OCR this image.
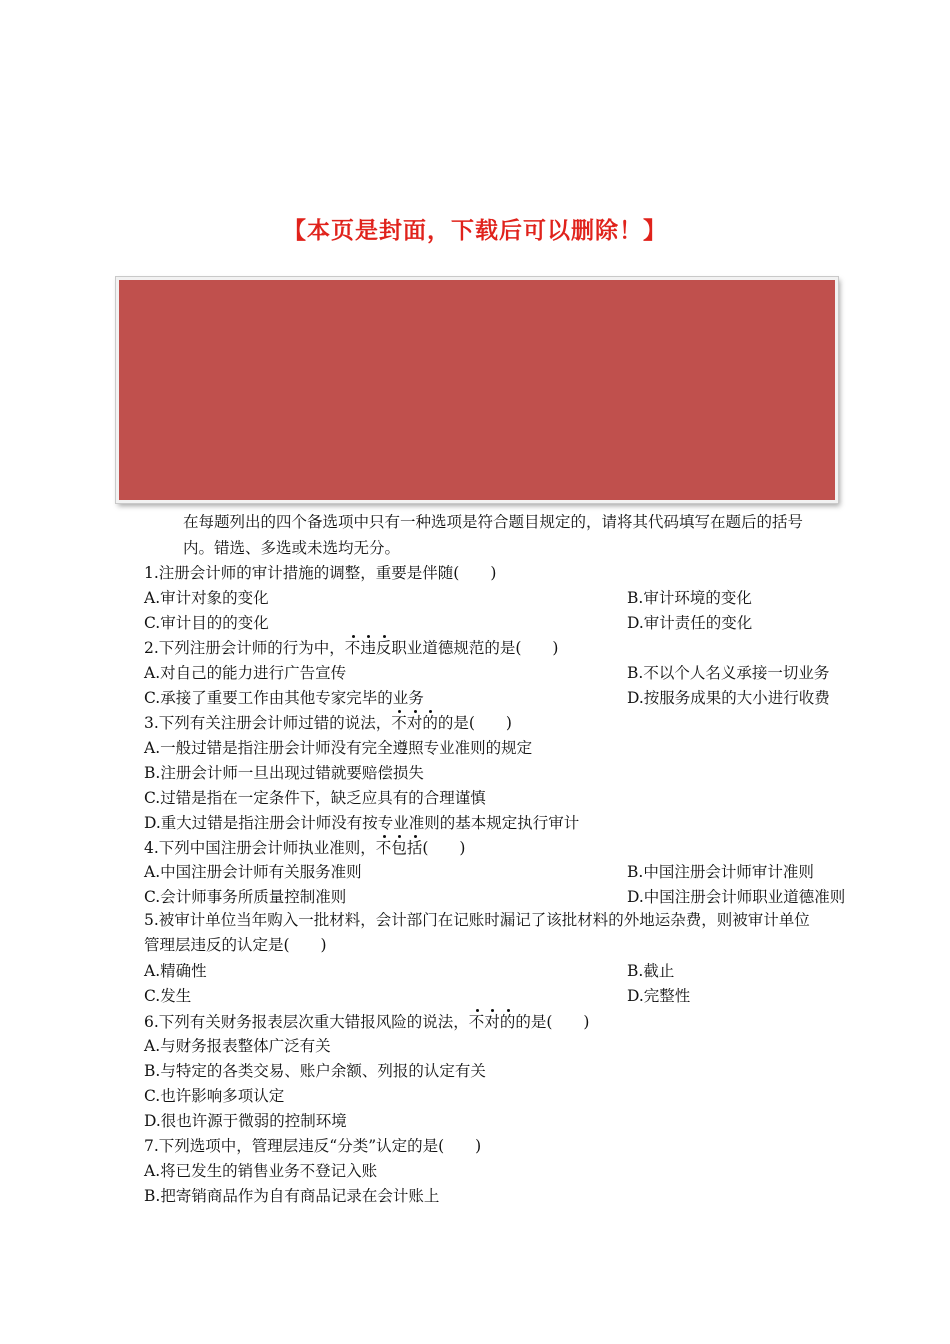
【本页是封面，下载后可以删除！】
在每题列出的四个备选项中只有一种选项是符合题目规定的，请将其代码填写在题后的括号内。错选、多选或未选均无分。
1.注册会计师的审计措施的调整，重要是伴随(　　)
A.审计对象的变化	B.审计环境的变化
C.审计目的的变化	D.审计责任的变化
2.下列注册会计师的行为中，不违反职业道德规范的是(　　)
A.对自己的能力进行广告宣传	B.不以个人名义承接一切业务
C.承接了重要工作由其他专家完毕的业务	D.按服务成果的大小进行收费
3.下列有关注册会计师过错的说法，不对的的是(　　)
A.一般过错是指注册会计师没有完全遵照专业准则的规定
B.注册会计师一旦出现过错就要赔偿损失
C.过错是指在一定条件下，缺乏应具有的合理谨慎
D.重大过错是指注册会计师没有按专业准则的基本规定执行审计
4.下列中国注册会计师执业准则，不包括(　　)
A.中国注册会计师有关服务准则	B.中国注册会计师审计准则
C.会计师事务所质量控制准则	D.中国注册会计师职业道德准则
5.被审计单位当年购入一批材料，会计部门在记账时漏记了该批材料的外地运杂费，则被审计单位管理层违反的认定是(　　)
A.精确性	B.截止
C.发生	D.完整性
6.下列有关财务报表层次重大错报风险的说法，不对的的是(　　)
A.与财务报表整体广泛有关
B.与特定的各类交易、账户余额、列报的认定有关
C.也许影响多项认定
D.很也许源于微弱的控制环境
7.下列选项中，管理层违反“分类”认定的是(　　)
A.将已发生的销售业务不登记入账
B.把寄销商品作为自有商品记录在会计账上
